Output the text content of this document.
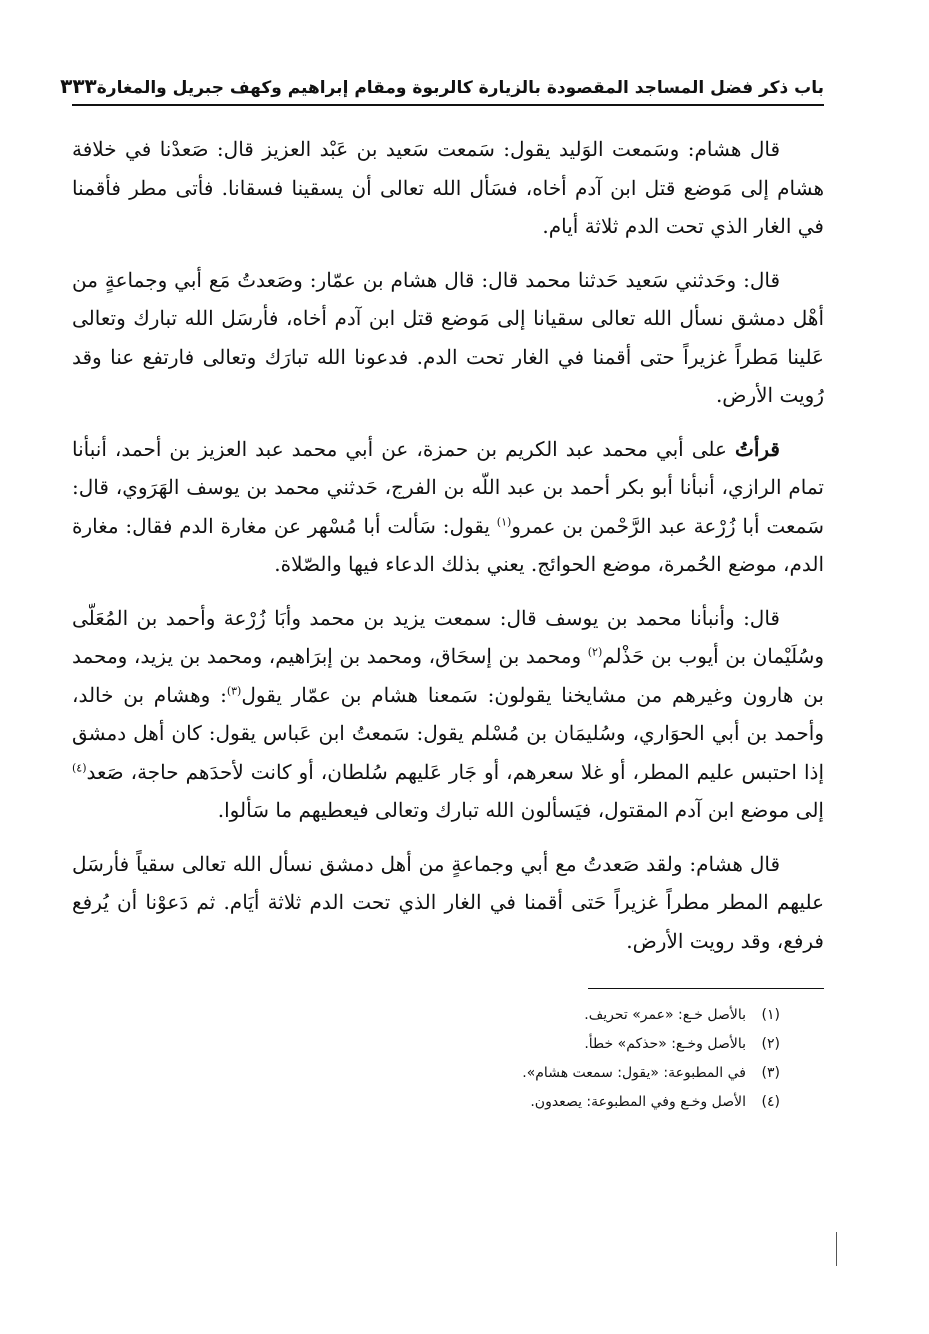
باب ذكر فضل المساجد المقصودة بالزيارة كالربوة ومقام إبراهيم وكهف جبريل والمغارة
٣٣٣

قال هشام: وسَمعت الوَليد يقول: سَمعت سَعيد بن عَبْد العزيز قال: صَعدْنا في خلافة هشام إلى مَوضع قتل ابن آدم أخاه، فسَأل الله تعالى أن يسقينا فسقانا. فأتى مطر فأقمنا في الغار الذي تحت الدم ثلاثة أيام.

قال: وحَدثني سَعيد حَدثنا محمد قال: قال هشام بن عمّار: وصَعدتُ مَع أبي وجماعةٍ من أهْل دمشق نسأل الله تعالى سقيانا إلى مَوضع قتل ابن آدم أخاه، فأرسَل الله تبارك وتعالى عَلينا مَطراً غزيراً حتى أقمنا في الغار تحت الدم. فدعونا الله تبارَك وتعالى فارتفع عنا وقد رُويت الأرض.

قرأتُ على أبي محمد عبد الكريم بن حمزة، عن أبي محمد عبد العزيز بن أحمد، أنبأنا تمام الرازي، أنبأنا أبو بكر أحمد بن عبد اللّه بن الفرج، حَدثني محمد بن يوسف الهَرَوي، قال: سَمعت أبا زُرْعة عبد الرَّحْمن بن عمرو$^{(١)}$ يقول: سَألت أبا مُسْهر عن مغارة الدم فقال: مغارة الدم، موضع الحُمرة، موضع الحوائج. يعني بذلك الدعاء فيها والصّلاة.

قال: وأنبأنا محمد بن يوسف قال: سمعت يزيد بن محمد وأبَا زُرْعة وأحمد بن المُعَلّى وسُلَيْمان بن أيوب بن حَذْلم$^{(٢)}$ ومحمد بن إسحَاق، ومحمد بن إبرَاهيم، ومحمد بن يزيد، ومحمد بن هارون وغيرهم من مشايخنا يقولون: سَمعنا هشام بن عمّار يقول$^{(٣)}$: وهشام بن خالد، وأحمد بن أبي الحوَاري، وسُليمَان بن مُسْلم يقول: سَمعتُ ابن عَباس يقول: كان أهل دمشق إذا احتبس عليم المطر، أو غلا سعرهم، أو جَار عَليهم سُلطان، أو كانت لأحدَهم حاجة، صَعد$^{(٤)}$ إلى موضع ابن آدم المقتول، فيَسألون الله تبارك وتعالى فيعطيهم ما سَألوا.

قال هشام: ولقد صَعدتُ مع أبي وجماعةٍ من أهل دمشق نسأل الله تعالى سقياً فأرسَل عليهم المطر مطراً غزيراً حَتى أقمنا في الغار الذي تحت الدم ثلاثة أيَام. ثم دَعوْنا أن يُرفع فرفع، وقد رويت الأرض.

(١)
بالأصل خـع: «عمر» تحريف.
(٢)
بالأصل وخـع: «حذكم» خطأ.
(٣)
في المطبوعة: «يقول: سمعت هشام».
(٤)
الأصل وخـع وفي المطبوعة: يصعدون.
